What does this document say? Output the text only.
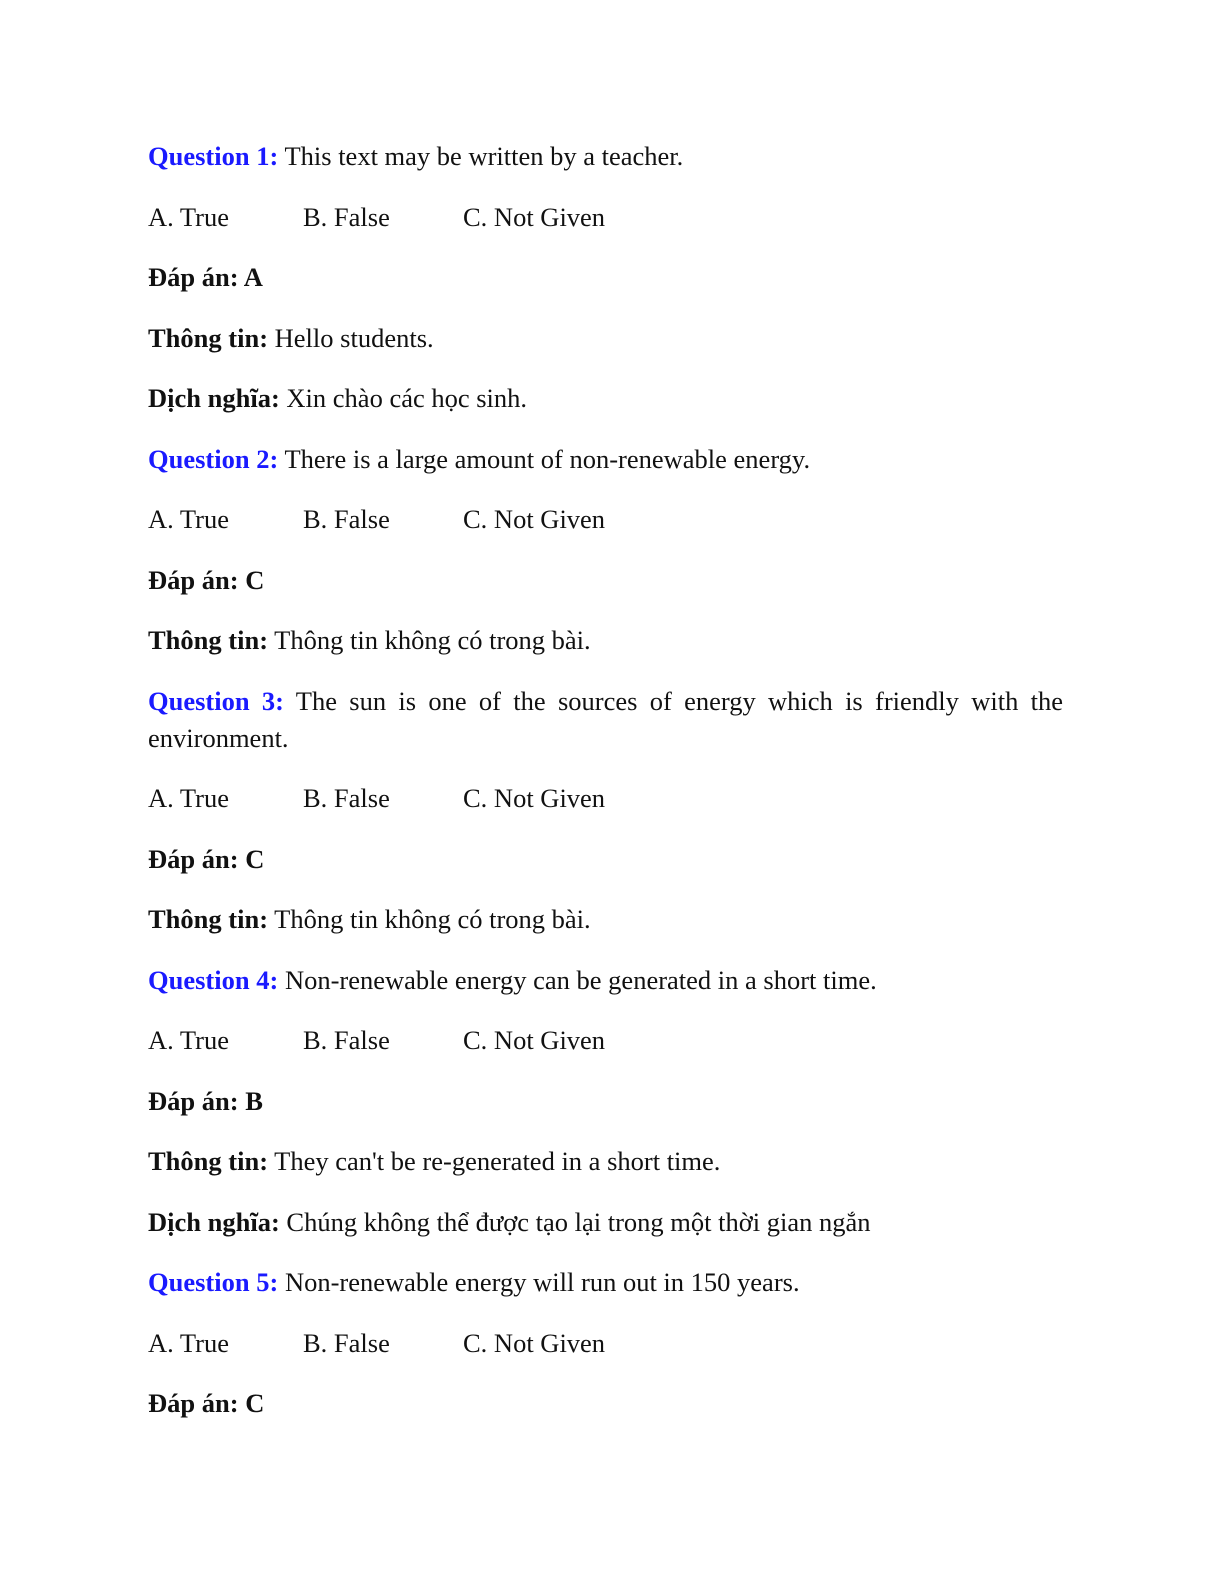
Question 1: This text may be written by a teacher.
A. True	B. False	C. Not Given
Đáp án: A
Thông tin: Hello students.
Dịch nghĩa: Xin chào các học sinh.
Question 2: There is a large amount of non-renewable energy.
A. True	B. False	C. Not Given
Đáp án: C
Thông tin: Thông tin không có trong bài.
Question 3: The sun is one of the sources of energy which is friendly with the environment.
A. True	B. False	C. Not Given
Đáp án: C
Thông tin: Thông tin không có trong bài.
Question 4: Non-renewable energy can be generated in a short time.
A. True	B. False	C. Not Given
Đáp án: B
Thông tin: They can't be re-generated in a short time.
Dịch nghĩa: Chúng không thể được tạo lại trong một thời gian ngắn
Question 5: Non-renewable energy will run out in 150 years.
A. True	B. False	C. Not Given
Đáp án: C
